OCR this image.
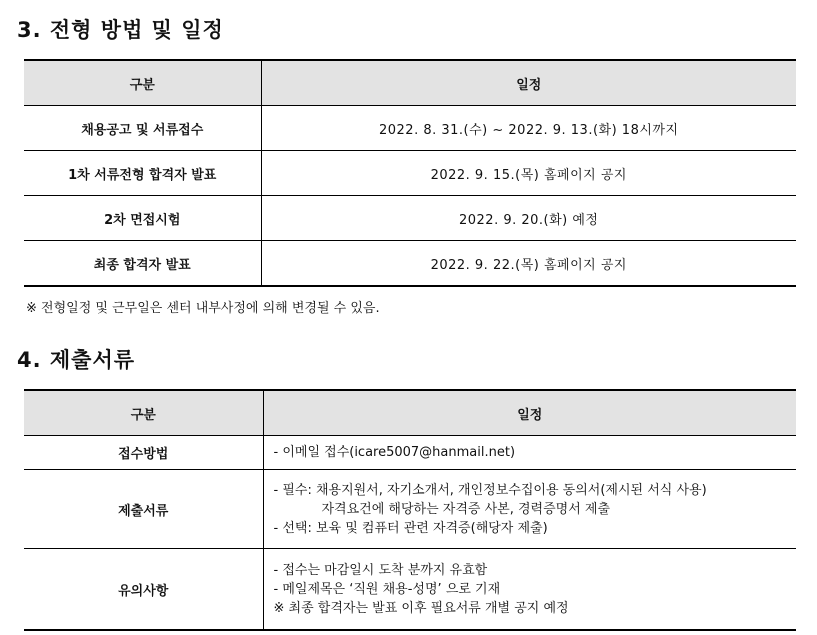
3. 전형 방법 및 일정
구분	일정
채용공고 및 서류접수	2022. 8. 31.(수) ~ 2022. 9. 13.(화) 18시까지
1차 서류전형 합격자 발표	2022. 9. 15.(목) 홈페이지 공지
2차 면접시험	2022. 9. 20.(화) 예정
최종 합격자 발표	2022. 9. 22.(목) 홈페이지 공지

※ 전형일정 및 근무일은 센터 내부사정에 의해 변경될 수 있음.

4. 제출서류
구분	일정
접수방법	- 이메일 접수(icare5007@hanmail.net)

제출서류	- 필수: 채용지원서, 자기소개서, 개인정보수집이용 동의서(제시된 서식 사용)
자격요건에 해당하는 자격증 사본, 경력증명서 제출
- 선택: 보육 및 컴퓨터 관련 자격증(해당자 제출)

유의사항	- 접수는 마감일시 도착 분까지 유효함
- 메일제목은 ‘직원 채용-성명’ 으로 기재
※ 최종 합격자는 발표 이후 필요서류 개별 공지 예정
